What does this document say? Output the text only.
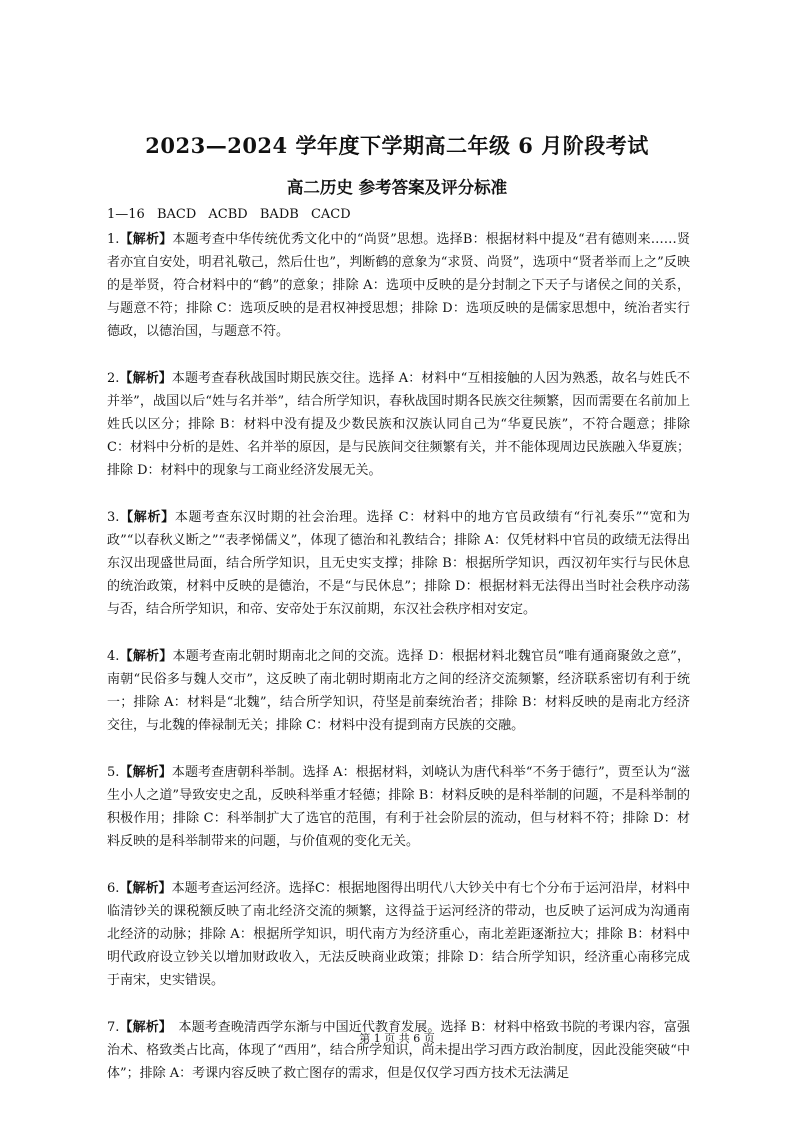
2023—2024 学年度下学期高二年级 6 月阶段考试
高二历史 参考答案及评分标准
1—16 BACD ACBD BADB CACD
1.【解析】本题考查中华传统优秀文化中的“尚贤”思想。选择B：根据材料中提及“君有德则来……贤者亦宜自安处，明君礼敬己，然后仕也”，判断鹤的意象为“求贤、尚贤”，选项中“贤者举而上之”反映的是举贤，符合材料中的“鹤”的意象；排除 A：选项中反映的是分封制之下天子与诸侯之间的关系，与题意不符；排除 C：选项反映的是君权神授思想；排除 D：选项反映的是儒家思想中，统治者实行德政，以德治国，与题意不符。
2.【解析】本题考查春秋战国时期民族交往。选择 A：材料中“互相接触的人因为熟悉，故名与姓氏不并举”，战国以后“姓与名并举”，结合所学知识，春秋战国时期各民族交往频繁，因而需要在名前加上姓氏以区分；排除 B：材料中没有提及少数民族和汉族认同自己为“华夏民族”，不符合题意；排除 C：材料中分析的是姓、名并举的原因，是与民族间交往频繁有关，并不能体现周边民族融入华夏族；排除 D：材料中的现象与工商业经济发展无关。
3.【解析】本题考查东汉时期的社会治理。选择 C：材料中的地方官员政绩有“行礼奏乐”“宽和为政”“以春秋义断之”“表孝悌儒义”，体现了德治和礼教结合；排除 A：仅凭材料中官员的政绩无法得出东汉出现盛世局面，结合所学知识，且无史实支撑；排除 B：根据所学知识，西汉初年实行与民休息的统治政策，材料中反映的是德治，不是“与民休息”；排除 D：根据材料无法得出当时社会秩序动荡与否，结合所学知识，和帝、安帝处于东汉前期，东汉社会秩序相对安定。
4.【解析】本题考查南北朝时期南北之间的交流。选择 D：根据材料北魏官员“唯有通商聚敛之意”，南朝“民俗多与魏人交市”，这反映了南北朝时期南北方之间的经济交流频繁，经济联系密切有利于统一；排除 A：材料是“北魏”，结合所学知识，苻坚是前秦统治者；排除 B：材料反映的是南北方经济交往，与北魏的俸禄制无关；排除 C：材料中没有提到南方民族的交融。
5.【解析】本题考查唐朝科举制。选择 A：根据材料，刘峣认为唐代科举“不务于德行”，贾至认为“滋生小人之道”导致安史之乱，反映科举重才轻德；排除 B：材料反映的是科举制的问题，不是科举制的积极作用；排除 C：科举制扩大了选官的范围，有利于社会阶层的流动，但与材料不符；排除 D：材料反映的是科举制带来的问题，与价值观的变化无关。
6.【解析】本题考查运河经济。选择C：根据地图得出明代八大钞关中有七个分布于运河沿岸，材料中临清钞关的课税额反映了南北经济交流的频繁，这得益于运河经济的带动，也反映了运河成为沟通南北经济的动脉；排除 A：根据所学知识，明代南方为经济重心，南北差距逐渐拉大；排除 B：材料中明代政府设立钞关以增加财政收入，无法反映商业政策；排除 D：结合所学知识，经济重心南移完成于南宋，史实错误。
7.【解析】　本题考查晚清西学东渐与中国近代教育发展。选择 B：材料中格致书院的考课内容，富强治术、格致类占比高，体现了“西用”，结合所学知识，尚未提出学习西方政治制度，因此没能突破“中体”；排除 A：考课内容反映了救亡图存的需求，但是仅仅学习西方技术无法满足
第 1 页 共 6 页
